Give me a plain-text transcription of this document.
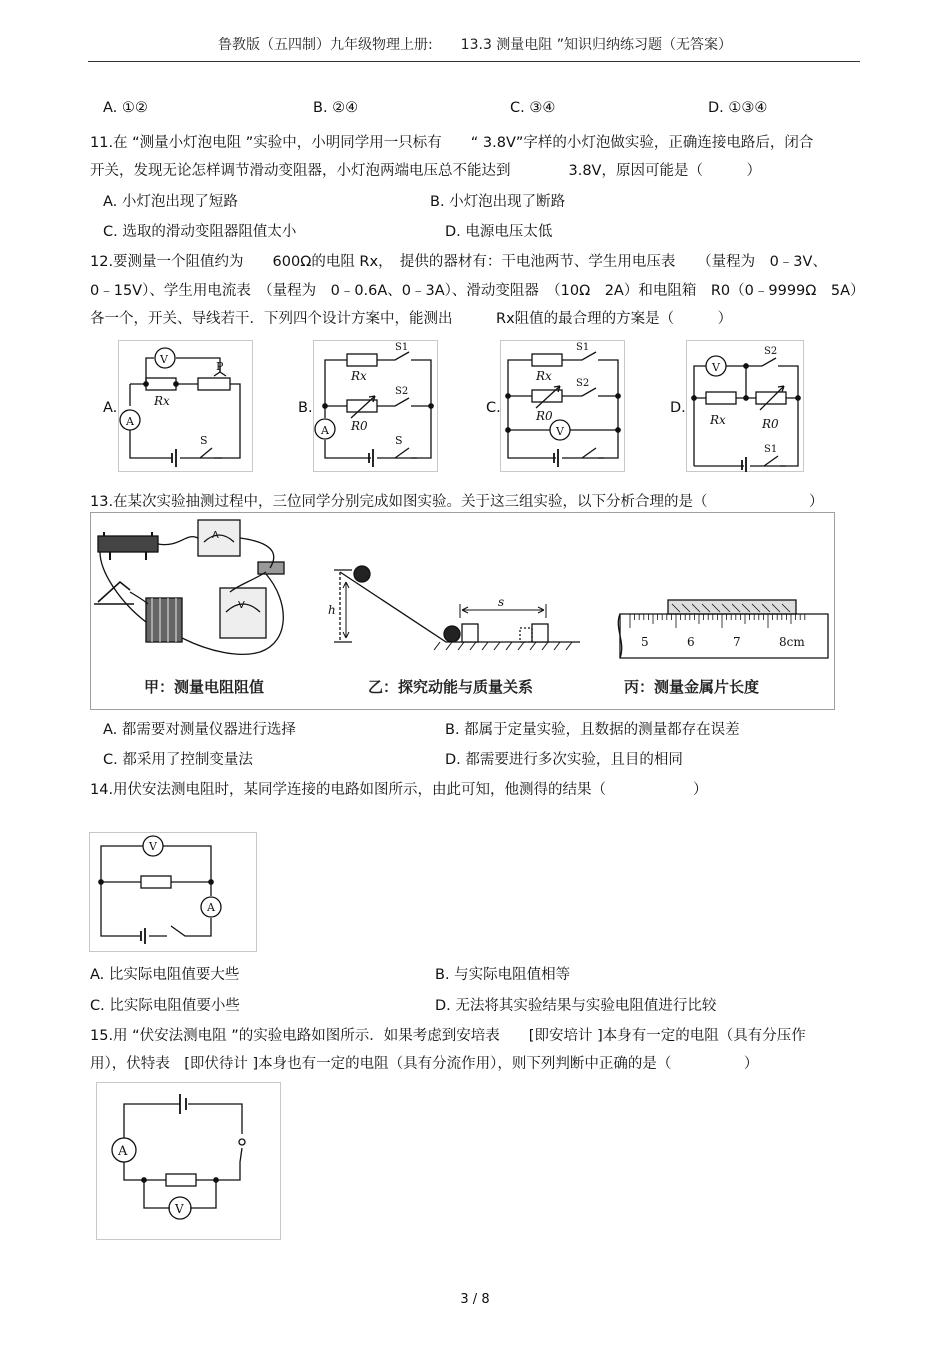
鲁教版（五四制）九年级物理上册:　　13.3 测量电阻 ”知识归纳练习题（无答案）
A. ①②	B. ②④	C. ③④	D. ①③④
11.在 “测量小灯泡电阻 ”实验中，小明同学用一只标有　　“ 3.8V”字样的小灯泡做实验，正确连接电路后，闭合
开关，发现无论怎样调节滑动变阻器，小灯泡两端电压总不能达到　　　　3.8V，原因可能是（　　　）
A. 小灯泡出现了短路	B. 小灯泡出现了断路
C. 选取的滑动变阻器阻值太小	D. 电源电压太低
12.要测量一个阻值约为　　600Ω的电阻 Rx，　提供的器材有：干电池两节、学生用电压表　　（量程为　0﹣3V、
0﹣15V）、学生用电流表　（量程为　0﹣0.6A、0﹣3A）、滑动变阻器　（10Ω　2A）和电阻箱　R0（0﹣9999Ω　5A）
各一个，开关、导线若干．下列四个设计方案中，能测出　　　Rx阻值的最合理的方案是（　　　）
A.	B.	C.	D.
V
A
P
Rx
S
Rx
R0
S1
S2
A
S
Rx
R0
S1
S2
V
V
Rx	R0
S2
S1
13.在某次实验抽测过程中，三位同学分别完成如图实验。关于这三组实验，以下分析合理的是（　　　　　　　）
A
V	h
s
5	6	7	8cm
甲：测量电阻阻值	乙：探究动能与质量关系	丙：测量金属片长度
A. 都需要对测量仪器进行选择	B. 都属于定量实验，且数据的测量都存在误差
C. 都采用了控制变量法	D. 都需要进行多次实验，且目的相同
14.用伏安法测电阻时，某同学连接的电路如图所示，由此可知，他测得的结果（　　　　　　）
V
A
A. 比实际电阻值要大些	B. 与实际电阻值相等
C. 比实际电阻值要小些	D. 无法将其实验结果与实验电阻值进行比较
15.用 “伏安法测电阻 ”的实验电路如图所示．如果考虑到安培表　　[即安培计 ]本身有一定的电阻（具有分压作
用），伏特表　[即伏待计 ]本身也有一定的电阻（具有分流作用），则下列判断中正确的是（　　　　　）
A
V
3 / 8
